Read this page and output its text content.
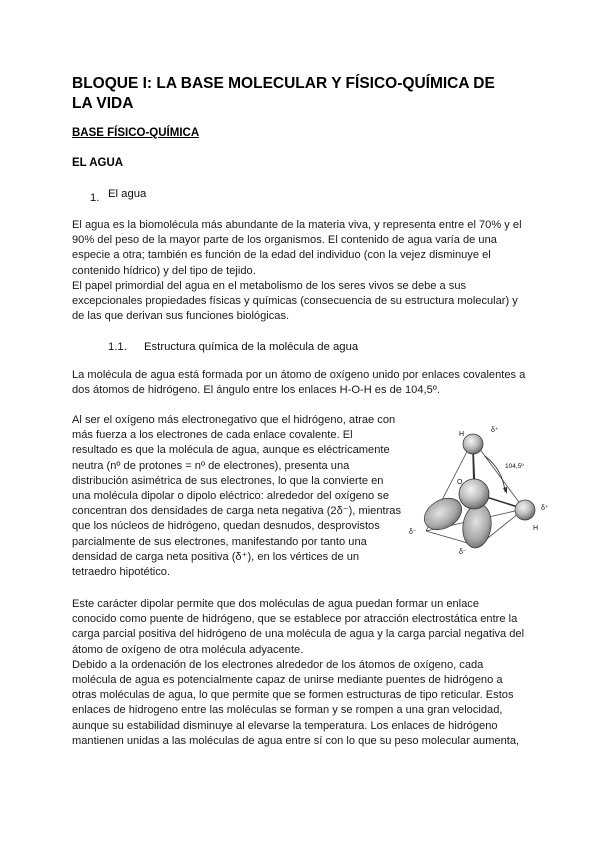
BLOQUE I: LA BASE MOLECULAR Y FÍSICO-QUÍMICA DE LA VIDA
BASE FÍSICO-QUÍMICA
EL AGUA
1. El agua
El agua es la biomolécula más abundante de la materia viva, y representa entre el 70% y el
90% del peso de la mayor parte de los organismos. El contenido de agua varía de una
especie a otra; también es función de la edad del individuo (con la vejez disminuye el
contenido hídrico) y del tipo de tejido.
El papel primordial del agua en el metabolismo de los seres vivos se debe a sus
excepcionales propiedades físicas y químicas (consecuencia de su estructura molecular) y
de las que derivan sus funciones biológicas.
1.1. Estructura química de la molécula de agua
La molécula de agua está formada por un átomo de oxígeno unido por enlaces covalentes a
dos átomos de hidrógeno. El ángulo entre los enlaces H-O-H es de 104,5º.
Al ser el oxígeno más electronegativo que el hidrógeno, atrae con
más fuerza a los electrones de cada enlace covalente. El
resultado es que la molécula de agua, aunque es eléctricamente
neutra (nº de protones = nº de electrones), presenta una
distribución asimétrica de sus electrones, lo que la convierte en
una molécula dipolar o dipolo eléctrico: alrededor del oxígeno se
concentran dos densidades de carga neta negativa (2δ⁻), mientras
que los núcleos de hidrógeno, quedan desnudos, desprovistos
parcialmente de sus electrones, manifestando por tanto una
densidad de carga neta positiva (δ⁺), en los vértices de un
tetraedro hipotético.
H
δ⁺
104,5º
O
δ⁺
H
δ⁻
δ⁻
Este carácter dipolar permite que dos moléculas de agua puedan formar un enlace
conocido como puente de hidrógeno, que se establece por atracción electrostática entre la
carga parcial positiva del hidrógeno de una molécula de agua y la carga parcial negativa del
átomo de oxígeno de otra molécula adyacente.
Debido a la ordenación de los electrones alrededor de los átomos de oxígeno, cada
molécula de agua es potencialmente capaz de unirse mediante puentes de hidrógeno a
otras moléculas de agua, lo que permite que se formen estructuras de tipo reticular. Estos
enlaces de hidrogeno entre las moléculas se forman y se rompen a una gran velocidad,
aunque su estabilidad disminuye al elevarse la temperatura. Los enlaces de hidrógeno
mantienen unidas a las moléculas de agua entre sí con lo que su peso molecular aumenta,
